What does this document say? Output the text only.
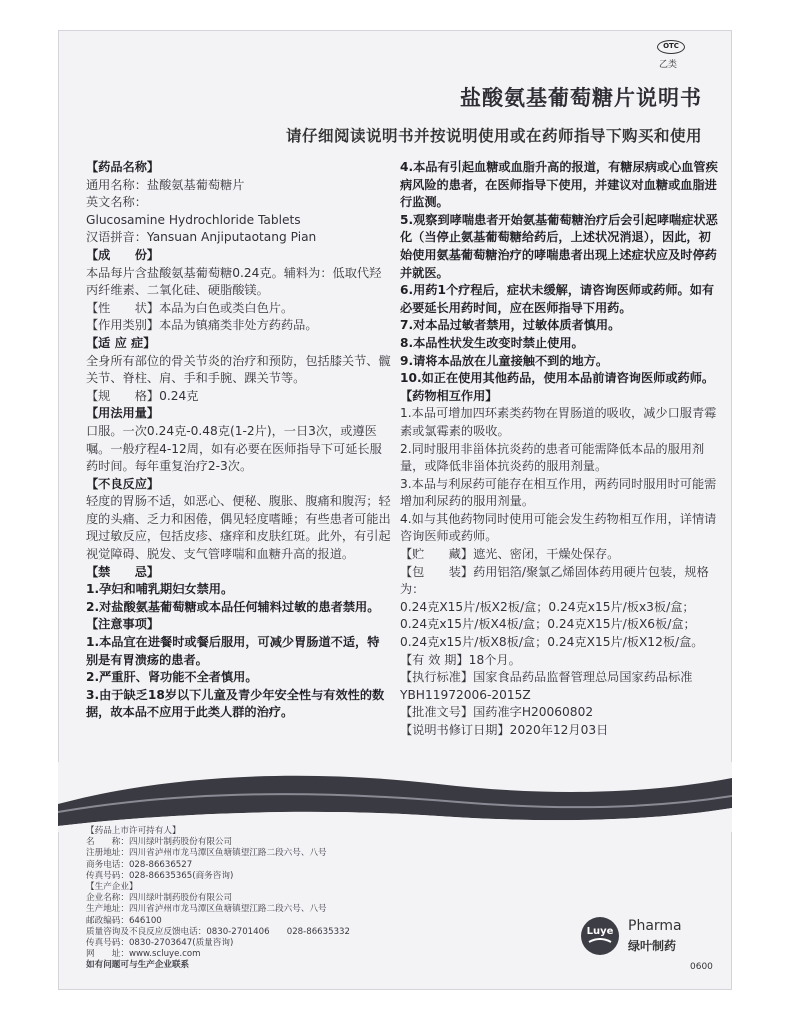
OTC
乙类
盐酸氨基葡萄糖片说明书
请仔细阅读说明书并按说明使用或在药师指导下购买和使用

【药品名称】

通用名称：盐酸氨基葡萄糖片

英文名称：

Glucosamine Hydrochloride Tablets

汉语拼音：Yansuan Anjiputaotang Pian

【成　　份】

本品每片含盐酸氨基葡萄糖0.24克。辅料为：低取代羟丙纤维素、二氧化硅、硬脂酸镁。

【性　　状】本品为白色或类白色片。

【作用类别】本品为镇痛类非处方药药品。

【适 应 症】

全身所有部位的骨关节炎的治疗和预防，包括膝关节、髋关节、脊柱、肩、手和手腕、踝关节等。

【规　　格】0.24克

【用法用量】

口服。一次0.24克-0.48克(1-2片)，一日3次，或遵医嘱。一般疗程4-12周，如有必要在医师指导下可延长服药时间。每年重复治疗2-3次。

【不良反应】

轻度的胃肠不适，如恶心、便秘、腹胀、腹痛和腹泻；轻度的头痛、乏力和困倦，偶见轻度嗜睡；有些患者可能出现过敏反应，包括皮疹、瘙痒和皮肤红斑。此外，有引起视觉障碍、脱发、支气管哮喘和血糖升高的报道。

【禁　　忌】

1.孕妇和哺乳期妇女禁用。

2.对盐酸氨基葡萄糖或本品任何辅料过敏的患者禁用。

【注意事项】

1.本品宜在进餐时或餐后服用，可减少胃肠道不适，特别是有胃溃疡的患者。

2.严重肝、肾功能不全者慎用。

3.由于缺乏18岁以下儿童及青少年安全性与有效性的数据，故本品不应用于此类人群的治疗。

4.本品有引起血糖或血脂升高的报道，有糖尿病或心血管疾病风险的患者，在医师指导下使用，并建议对血糖或血脂进行监测。

5.观察到哮喘患者开始氨基葡萄糖治疗后会引起哮喘症状恶化（当停止氨基葡萄糖给药后，上述状况消退），因此，初始使用氨基葡萄糖治疗的哮喘患者出现上述症状应及时停药并就医。

6.用药1个疗程后，症状未缓解，请咨询医师或药师。如有必要延长用药时间，应在医师指导下用药。

7.对本品过敏者禁用，过敏体质者慎用。

8.本品性状发生改变时禁止使用。

9.请将本品放在儿童接触不到的地方。

10.如正在使用其他药品，使用本品前请咨询医师或药师。

【药物相互作用】

1.本品可增加四环素类药物在胃肠道的吸收，减少口服青霉素或氯霉素的吸收。

2.同时服用非甾体抗炎药的患者可能需降低本品的服用剂量，或降低非甾体抗炎药的服用剂量。

3.本品与利尿药可能存在相互作用，两药同时服用时可能需增加利尿药的服用剂量。

4.如与其他药物同时使用可能会发生药物相互作用，详情请咨询医师或药师。

【贮　　藏】遮光、密闭，干燥处保存。

【包　　装】药用铝箔/聚氯乙烯固体药用硬片包装，规格为：

0.24克X15片/板X2板/盒；0.24克x15片/板x3板/盒；

0.24克x15片/板X4板/盒；0.24克X15片/板X6板/盒；

0.24克x15片/板X8板/盒；0.24克X15片/板X12板/盒。

【有 效 期】18个月。

【执行标准】国家食品药品监督管理总局国家药品标准YBH11972006-2015Z

【批准文号】国药准字H20060802

【说明书修订日期】2020年12月03日

【药品上市许可持有人】
名　　称：四川绿叶制药股份有限公司
注册地址：四川省泸州市龙马潭区鱼塘镇望江路二段六号、八号
商务电话：028-86636527
传真号码：028-86635365(商务咨询)
【生产企业】
企业名称：四川绿叶制药股份有限公司
生产地址：四川省泸州市龙马潭区鱼塘镇望江路二段六号、八号
邮政编码：646100
质量咨询及不良反应反馈电话：0830-2701406　　028-86635332
传真号码：0830-2703647(质量咨询)
网　　址：www.scluye.com
如有问题可与生产企业联系
Luye Pharma
绿叶制药
0600
